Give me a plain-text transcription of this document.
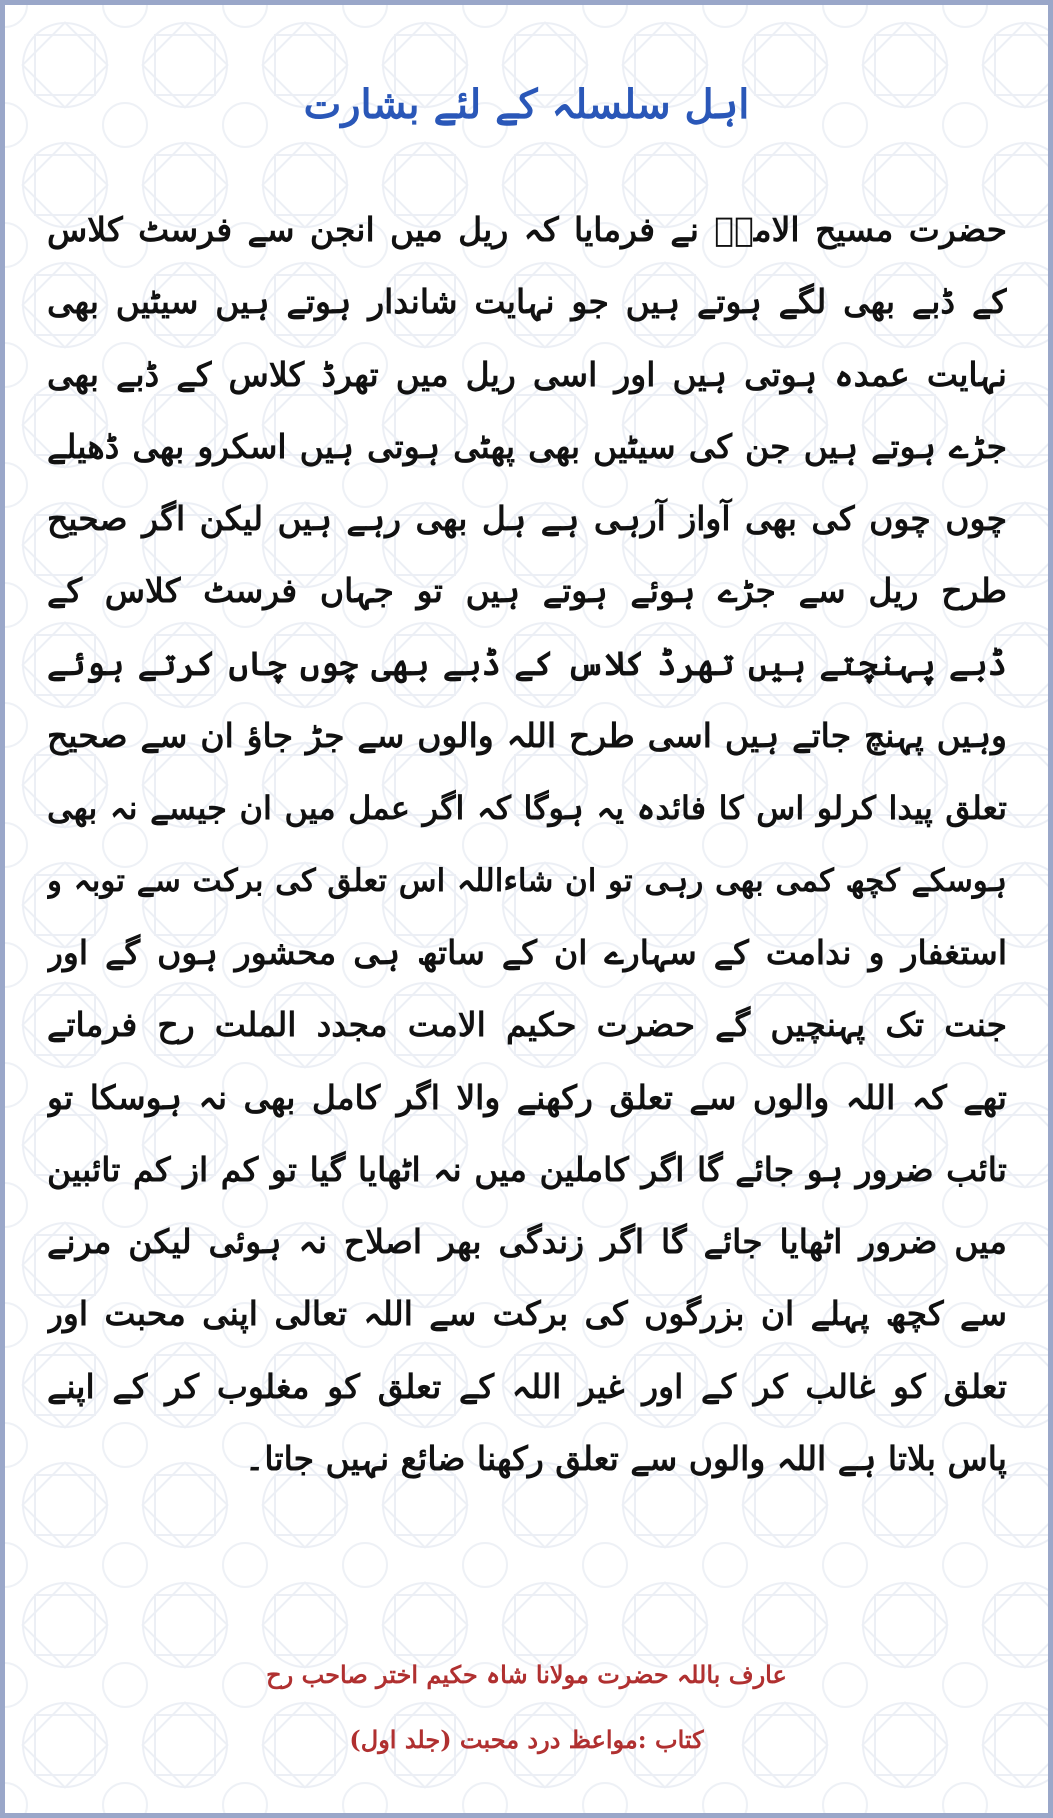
اہل سلسلہ کے لئے بشارت
حضرت مسیح الامتؒ نے فرمایا کہ ریل میں انجن سے فرسٹ کلاس
کے ڈبے بھی لگے ہوتے ہیں جو نہایت شاندار ہوتے ہیں سیٹیں بھی
نہایت عمدہ ہوتی ہیں اور اسی ریل میں تھرڈ کلاس کے ڈبے بھی
جڑے ہوتے ہیں جن کی سیٹیں بھی پھٹی ہوتی ہیں اسکرو بھی ڈھیلے
چوں چوں کی بھی آواز آرہی ہے ہل بھی رہے ہیں لیکن اگر صحیح
طرح ریل سے جڑے ہوئے ہوتے ہیں تو جہاں فرسٹ کلاس کے
ڈبے پہنچتے ہیں تھرڈ کلاس کے ڈبے بھی چوں چاں کرتے ہوئے
وہیں پہنچ جاتے ہیں اسی طرح اللہ والوں سے جڑ جاؤ ان سے صحیح
تعلق پیدا کرلو اس کا فائدہ یہ ہوگا کہ اگر عمل میں ان جیسے نہ بھی
ہوسکے کچھ کمی بھی رہی تو ان شاءاللہ اس تعلق کی برکت سے توبہ و
استغفار و ندامت کے سہارے ان کے ساتھ ہی محشور ہوں گے اور
جنت تک پہنچیں گے حضرت حکیم الامت مجدد الملت رح فرماتے
تھے کہ اللہ والوں سے تعلق رکھنے والا اگر کامل بھی نہ ہوسکا تو
تائب ضرور ہو جائے گا اگر کاملین میں نہ اٹھایا گیا تو کم از کم تائبین
میں ضرور اٹھایا جائے گا اگر زندگی بھر اصلاح نہ ہوئی لیکن مرنے
سے کچھ پہلے ان بزرگوں کی برکت سے اللہ تعالی اپنی محبت اور
تعلق کو غالب کر کے اور غیر اللہ کے تعلق کو مغلوب کر کے اپنے
پاس بلاتا ہے اللہ والوں سے تعلق رکھنا ضائع نہیں جاتا۔
عارف باللہ حضرت مولانا شاہ حکیم اختر صاحب رح
کتاب :مواعظ درد محبت (جلد اول)
